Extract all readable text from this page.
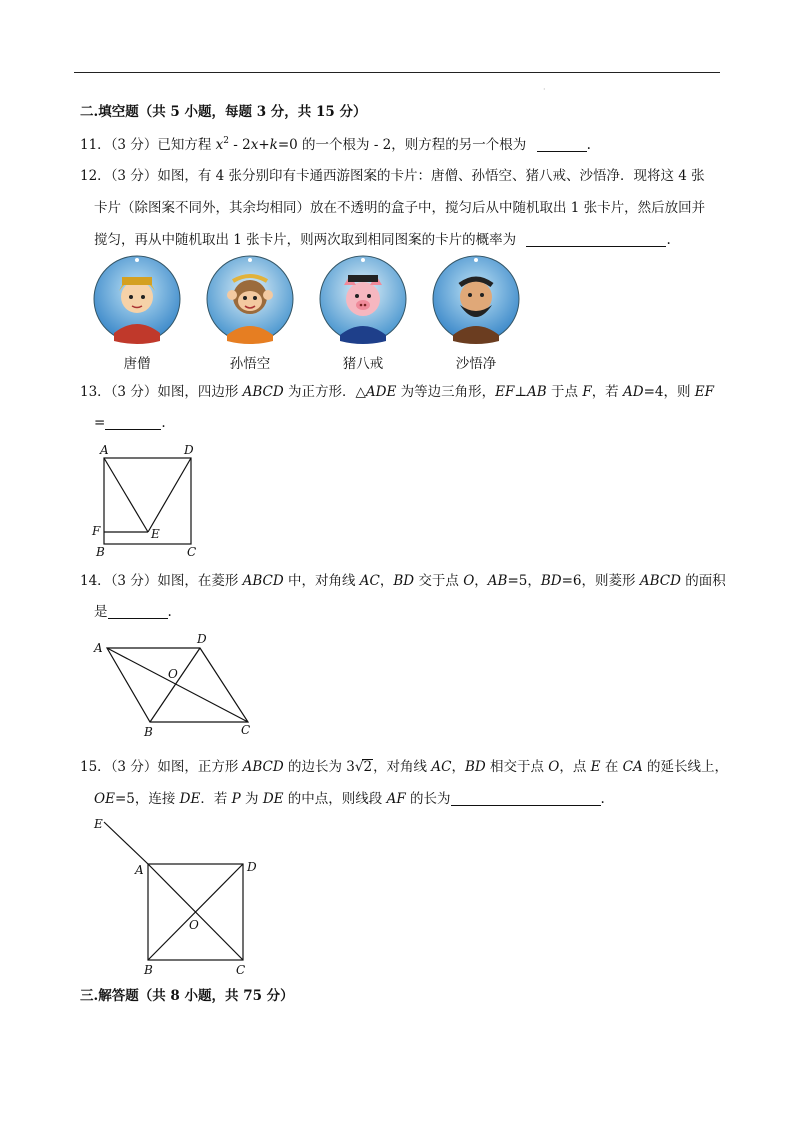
·
二.填空题（共 5 小题，每题 3 分，共 15 分）
11．（3 分）已知方程 $x^2 - 2x+k=0$ 的一个根为 - 2，则方程的另一个根为	.
12．（3 分）如图，有 4 张分别印有卡通西游图案的卡片：唐僧、孙悟空、猪八戒、沙悟净．现将这 4 张
卡片（除图案不同外，其余均相同）放在不透明的盒子中，搅匀后从中随机取出 1 张卡片，然后放回并
搅匀，再从中随机取出 1 张卡片，则两次取到相同图案的卡片的概率为	.
唐僧	孙悟空	猪八戒	沙悟净
13．（3 分）如图，四边形 ABCD 为正方形．△ADE 为等边三角形，EF⊥AB 于点 F，若 AD=4，则 EF
=	.
A	D
F	E
B	C
14．（3 分）如图，在菱形 ABCD 中，对角线 AC，BD 交于点 O，AB=5，BD=6，则菱形 ABCD 的面积
是	.
A
D
O
B	C
15．（3 分）如图，正方形 ABCD 的边长为 3√2，对角线 AC，BD 相交于点 O，点 E 在 CA 的延长线上，
OE=5，连接 DE．若 P 为 DE 的中点，则线段 AF 的长为	.
E
A	D
O
B	C
三.解答题（共 8 小题，共 75 分）
